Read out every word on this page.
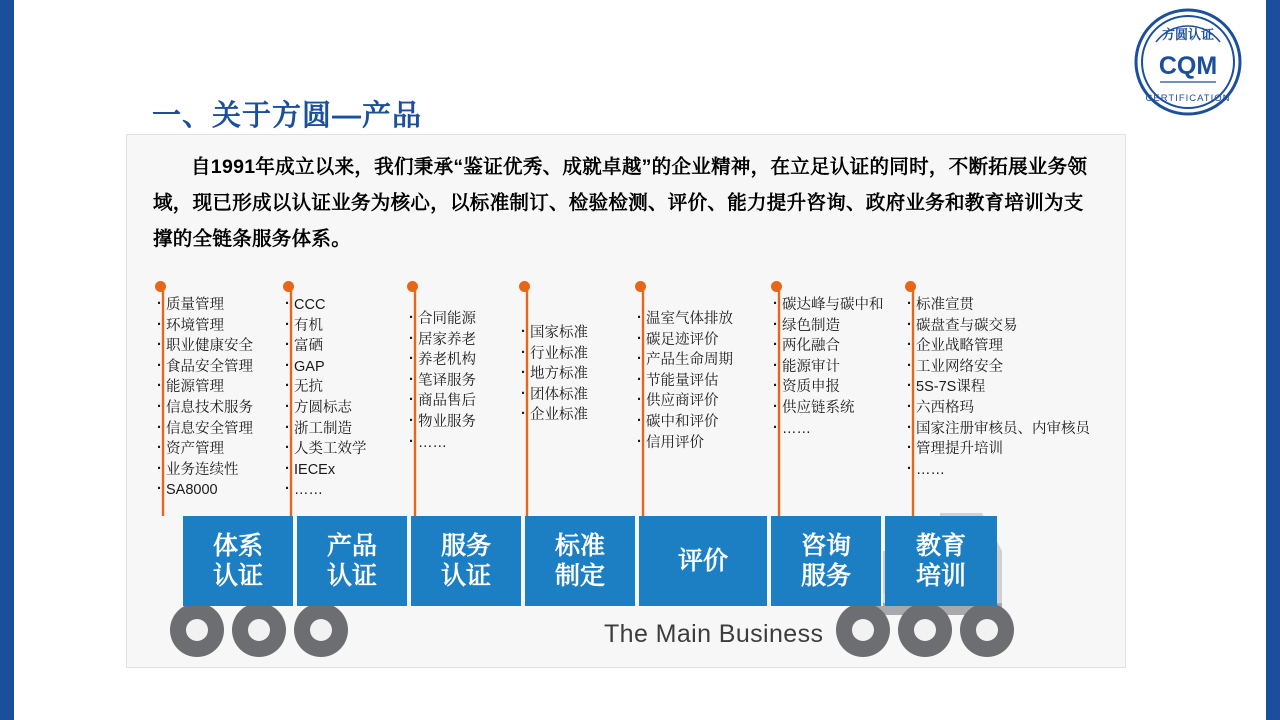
方圆认证
CQM
CERTIFICATION
一、关于方圆—产品
自1991年成立以来，我们秉承“鉴证优秀、成就卓越”的企业精神，在立足认证的同时，不断拓展业务领域，现已形成以认证业务为核心，以标准制订、检验检测、评价、能力提升咨询、政府业务和教育培训为支撑的全链条服务体系。
· 质量管理
· 环境管理
· 职业健康安全
· 食品安全管理
· 能源管理
· 信息技术服务
· 信息安全管理
· 资产管理
· 业务连续性
· SA8000
· CCC
· 有机
· 富硒
· GAP
· 无抗
· 方圆标志
· 浙工制造
· 人类工效学
· IECEx
· ……
· 合同能源
· 居家养老
· 养老机构
· 笔译服务
· 商品售后
· 物业服务
· ……
· 国家标准
· 行业标准
· 地方标准
· 团体标准
· 企业标准
· 温室气体排放
· 碳足迹评价
· 产品生命周期
· 节能量评估
· 供应商评价
· 碳中和评价
· 信用评价
· 碳达峰与碳中和
· 绿色制造
· 两化融合
· 能源审计
· 资质申报
· 供应链系统
· ……
· 标准宣贯
· 碳盘查与碳交易
· 企业战略管理
· 工业网络安全
· 5S-7S课程
· 六西格玛
· 国家注册审核员、内审核员
· 管理提升培训
· ……
体系
认证
产品
认证
服务
认证
标准
制定
评价
咨询
服务
教育
培训
The Main Business
